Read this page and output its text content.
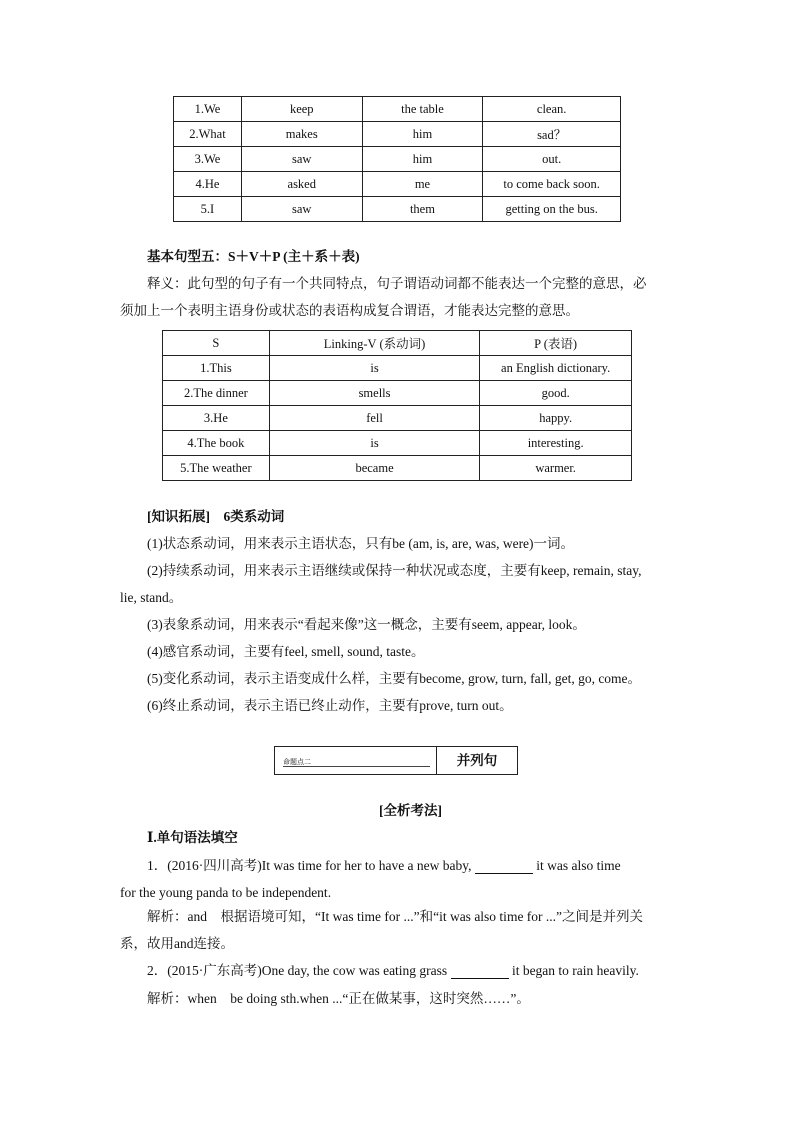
1.We	keep	the table	clean.
2.What	makes	him	sad？
3.We	saw	him	out.
4.He	asked	me	to come back soon.
5.I	saw	them	getting on the bus.
基本句型五：S＋V＋P (主＋系＋表)
释义：此句型的句子有一个共同特点，句子谓语动词都不能表达一个完整的意思，必
须加上一个表明主语身份或状态的表语构成复合谓语，才能表达完整的意思。
S	Linking-V (系动词)	P (表语)
1.This	is	an English dictionary.
2.The dinner	smells	good.
3.He	fell	happy.
4.The book	is	interesting.
5.The weather	became	warmer.
[知识拓展]　6类系动词
(1)状态系动词，用来表示主语状态，只有be (am, is, are, was, were)一词。
(2)持续系动词，用来表示主语继续或保持一种状况或态度，主要有keep, remain, stay,
lie, stand。
(3)表象系动词，用来表示“看起来像”这一概念，主要有seem, appear, look。
(4)感官系动词，主要有feel, smell, sound, taste。
(5)变化系动词，表示主语变成什么样，主要有become, grow, turn, fall, get, go, come。
(6)终止系动词，表示主语已终止动作，主要有prove, turn out。
命题点二	并列句
[全析考法]
Ⅰ.单句语法填空
1．(2016·四川高考)It was time for her to have a new baby,	it was also time
for the young panda to be independent.
解析：and　根据语境可知，“It was time for ...”和“it was also time for ...”之间是并列关
系，故用and连接。
2．(2015·广东高考)One day, the cow was eating grass	it began to rain heavily.
解析：when　be doing sth.when ...“正在做某事，这时突然……”。
